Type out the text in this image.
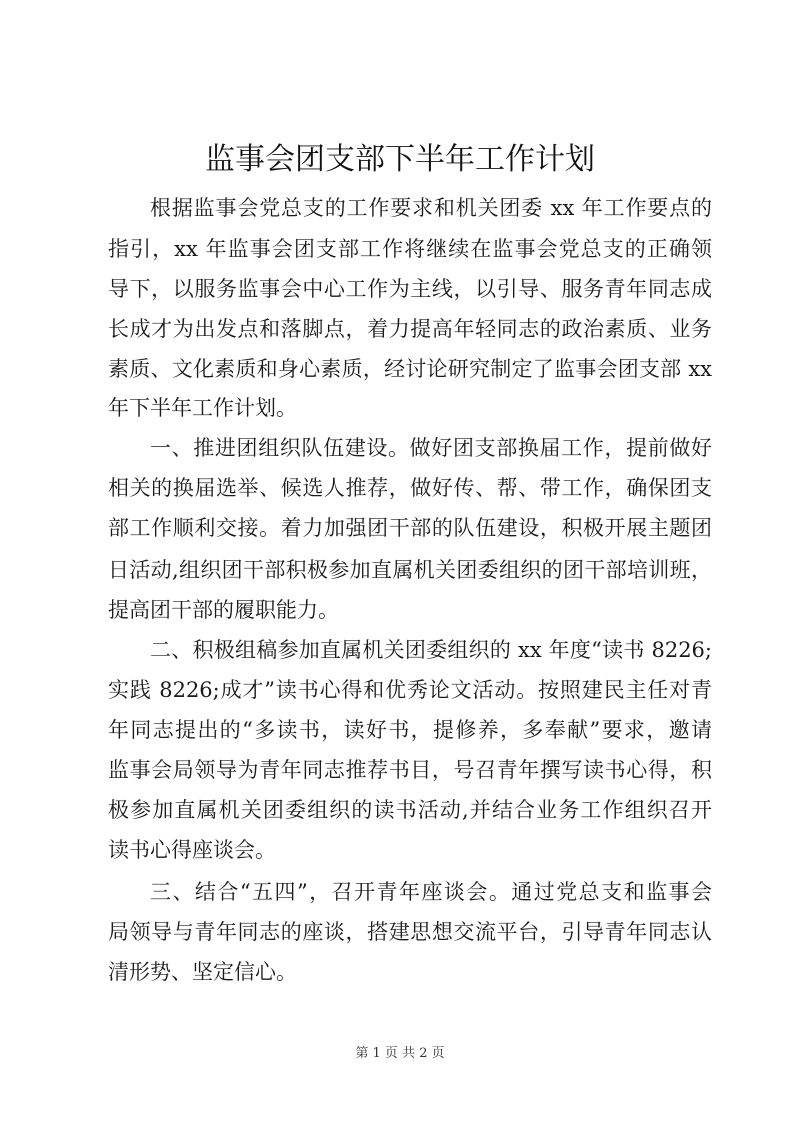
监事会团支部下半年工作计划
根据监事会党总支的工作要求和机关团委 xx 年工作要点的
指引，xx 年监事会团支部工作将继续在监事会党总支的正确领
导下，以服务监事会中心工作为主线，以引导、服务青年同志成
长成才为出发点和落脚点，着力提高年轻同志的政治素质、业务
素质、文化素质和身心素质，经讨论研究制定了监事会团支部 xx
年下半年工作计划。
一、推进团组织队伍建设。做好团支部换届工作，提前做好
相关的换届选举、候选人推荐，做好传、帮、带工作，确保团支
部工作顺利交接。着力加强团干部的队伍建设，积极开展主题团
日活动,组织团干部积极参加直属机关团委组织的团干部培训班，
提高团干部的履职能力。
二、积极组稿参加直属机关团委组织的 xx 年度“读书 8226;
实践 8226;成才”读书心得和优秀论文活动。按照建民主任对青
年同志提出的“多读书，读好书，提修养，多奉献”要求，邀请
监事会局领导为青年同志推荐书目，号召青年撰写读书心得，积
极参加直属机关团委组织的读书活动,并结合业务工作组织召开
读书心得座谈会。
三、结合“五四”，召开青年座谈会。通过党总支和监事会
局领导与青年同志的座谈，搭建思想交流平台，引导青年同志认
清形势、坚定信心。
第 1 页 共 2 页
